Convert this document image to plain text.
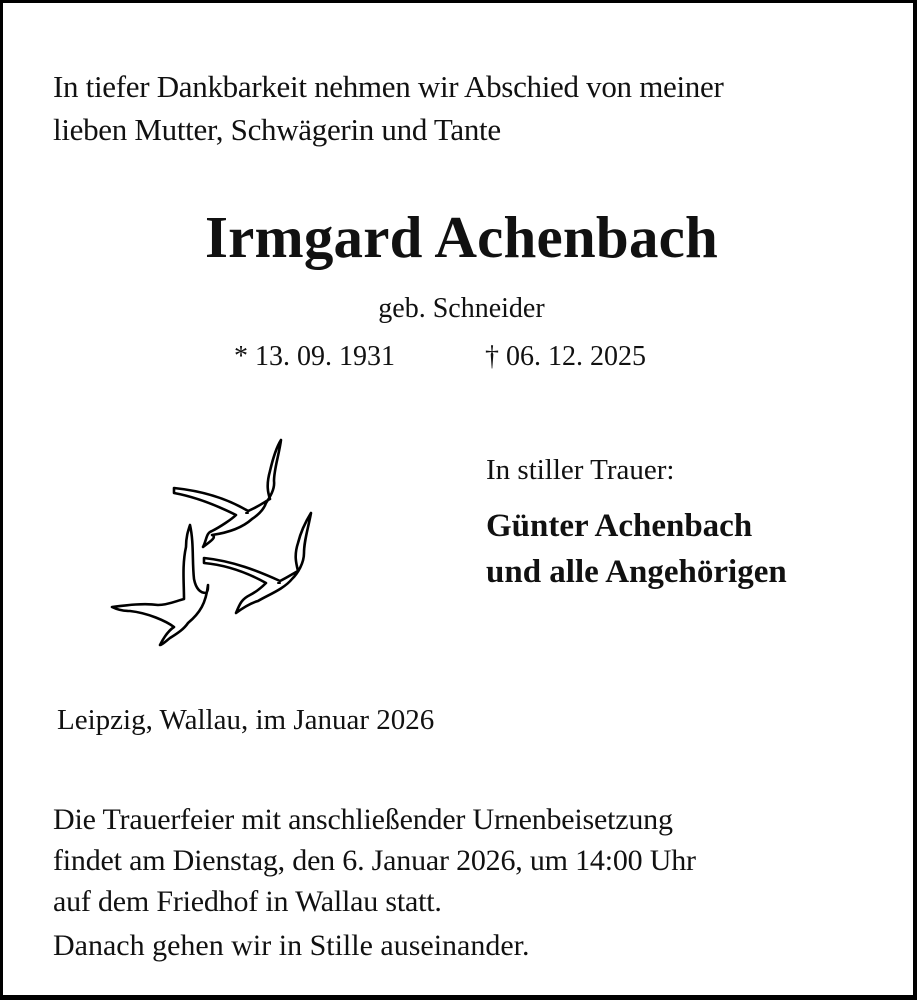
In tiefer Dankbarkeit nehmen wir Abschied von meiner
lieben Mutter, Schwägerin und Tante
Irmgard Achenbach
geb. Schneider
* 13. 09. 1931	† 06. 12. 2025
In stiller Trauer:
Günter Achenbach
und alle Angehörigen
Leipzig, Wallau, im Januar 2026
Die Trauerfeier mit anschließender Urnenbeisetzung
findet am Dienstag, den 6. Januar 2026, um 14:00 Uhr
auf dem Friedhof in Wallau statt.
Danach gehen wir in Stille auseinander.
